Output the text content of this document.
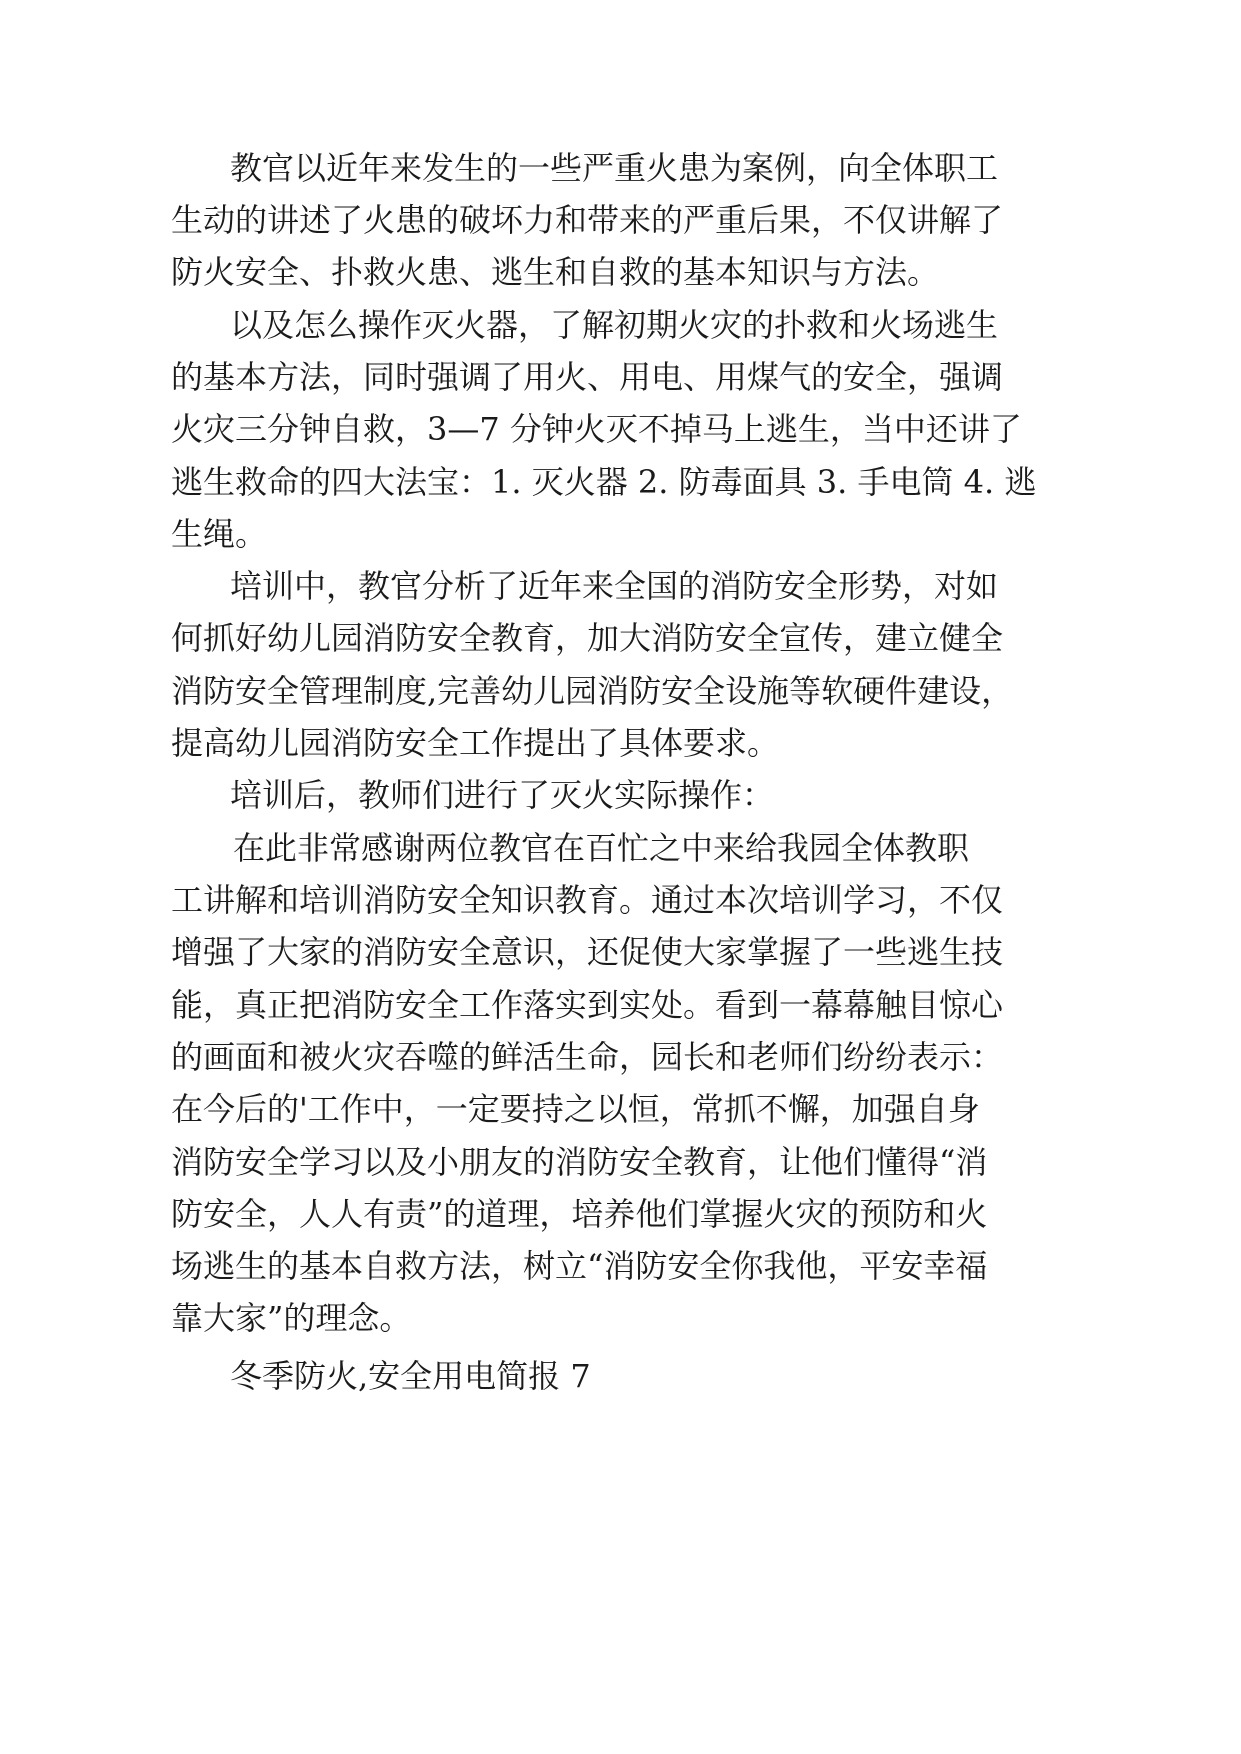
教官以近年来发生的一些严重火患为案例，向全体职工
生动的讲述了火患的破坏力和带来的严重后果，不仅讲解了
防火安全、扑救火患、逃生和自救的基本知识与方法。
以及怎么操作灭火器，了解初期火灾的扑救和火场逃生
的基本方法，同时强调了用火、用电、用煤气的安全，强调
火灾三分钟自救，3—7 分钟火灭不掉马上逃生，当中还讲了
逃生救命的四大法宝：1. 灭火器 2. 防毒面具 3. 手电筒 4. 逃
生绳。
培训中，教官分析了近年来全国的消防安全形势，对如
何抓好幼儿园消防安全教育，加大消防安全宣传，建立健全
消防安全管理制度,完善幼儿园消防安全设施等软硬件建设，
提高幼儿园消防安全工作提出了具体要求。
培训后，教师们进行了灭火实际操作：
在此非常感谢两位教官在百忙之中来给我园全体教职
工讲解和培训消防安全知识教育。通过本次培训学习，不仅
增强了大家的消防安全意识，还促使大家掌握了一些逃生技
能，真正把消防安全工作落实到实处。看到一幕幕触目惊心
的画面和被火灾吞噬的鲜活生命，园长和老师们纷纷表示：
在今后的'工作中，一定要持之以恒，常抓不懈，加强自身
消防安全学习以及小朋友的消防安全教育，让他们懂得“消
防安全，人人有责”的道理，培养他们掌握火灾的预防和火
场逃生的基本自救方法，树立“消防安全你我他，平安幸福
靠大家”的理念。
冬季防火,安全用电简报 7
